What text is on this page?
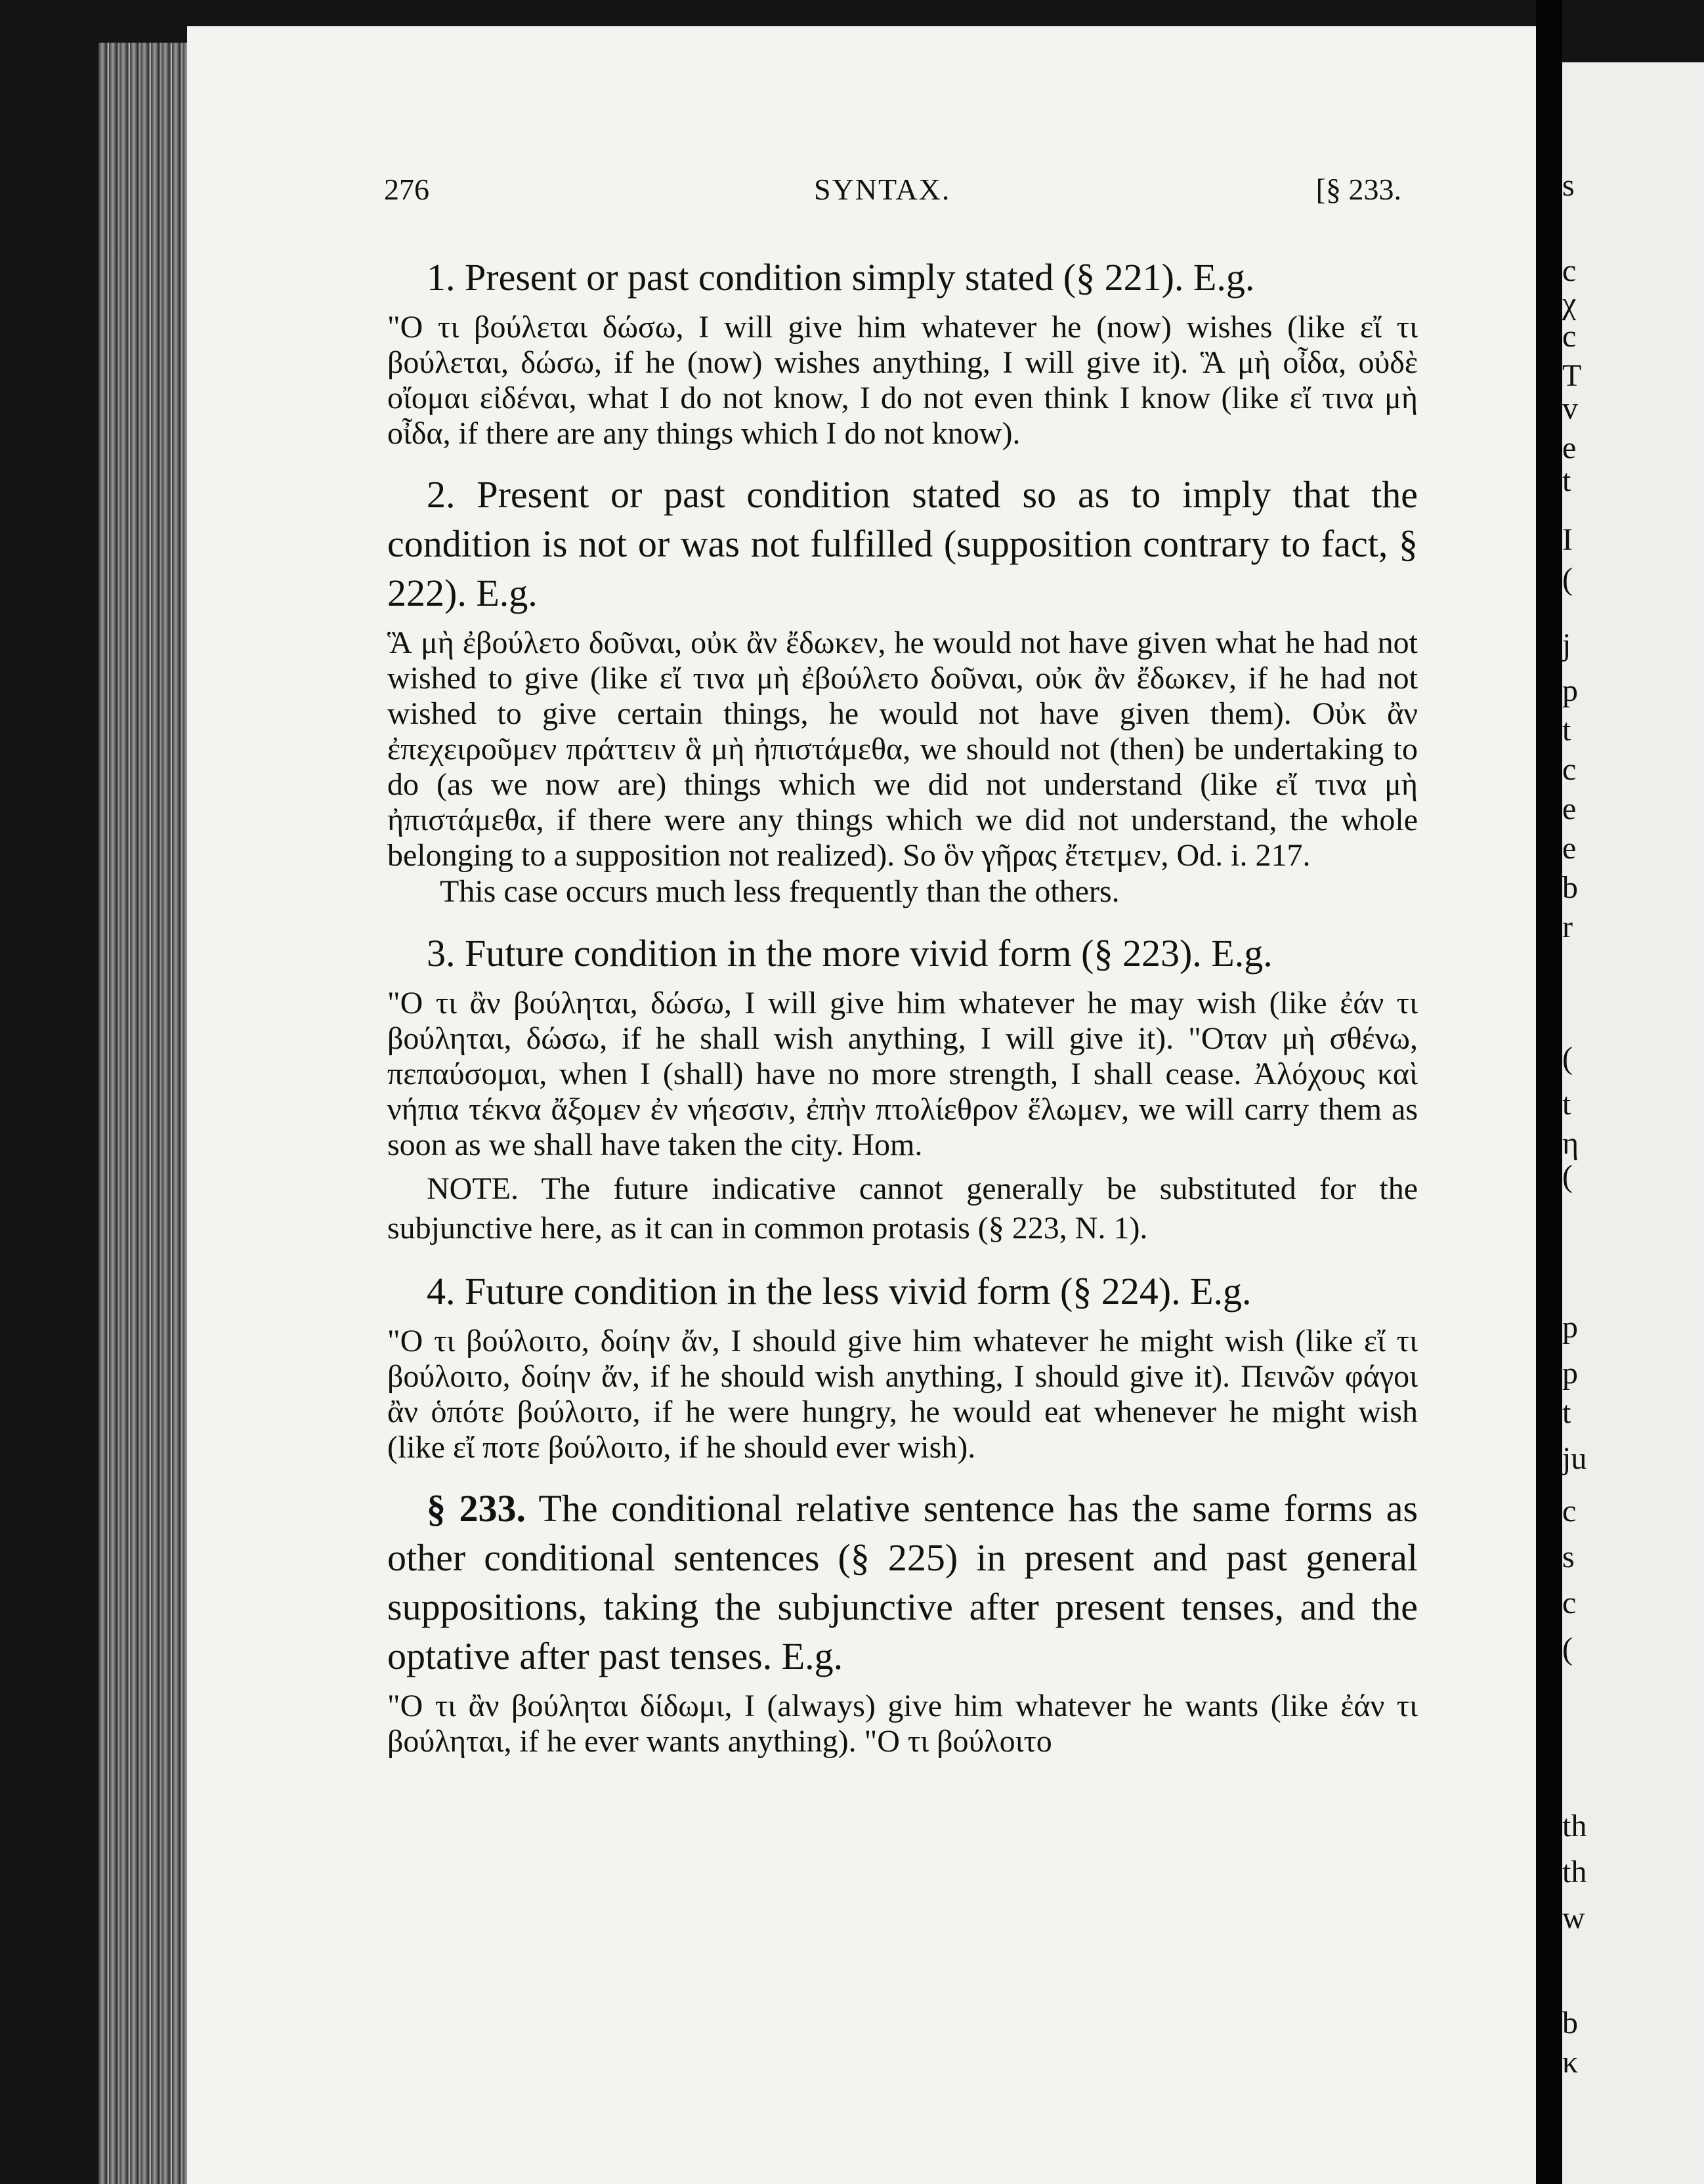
s
c
χ
c
T
v
e
t
I
(
j
p
t
c
e
e
b
r
(
t
η
(
p
p
t
ju
c
s
c
(
th
th
w
b
κ
276	SYNTAX.	[§ 233.

1. Present or past condition simply stated (§ 221). E.g.

"Ο τι βούλεται δώσω, I will give him whatever he (now) wishes (like εἴ τι βούλεται, δώσω, if he (now) wishes anything, I will give it). Ἃ μὴ οἶδα, οὐδὲ οἴομαι εἰδέναι, what I do not know, I do not even think I know (like εἴ τινα μὴ οἶδα, if there are any things which I do not know).

2. Present or past condition stated so as to imply that the condition is not or was not fulfilled (supposition contrary to fact, § 222). E.g.

Ἃ μὴ ἐβούλετο δοῦναι, οὐκ ἂν ἔδωκεν, he would not have given what he had not wished to give (like εἴ τινα μὴ ἐβούλετο δοῦναι, οὐκ ἂν ἔδωκεν, if he had not wished to give certain things, he would not have given them). Οὐκ ἂν ἐπεχειροῦμεν πράττειν ἃ μὴ ἠπιστάμεθα, we should not (then) be undertaking to do (as we now are) things which we did not understand (like εἴ τινα μὴ ἠπιστάμεθα, if there were any things which we did not understand, the whole belonging to a supposition not realized). So ὃν γῆρας ἔτετμεν, Od. i. 217.

This case occurs much less frequently than the others.

3. Future condition in the more vivid form (§ 223). E.g.

"Ο τι ἂν βούληται, δώσω, I will give him whatever he may wish (like ἐάν τι βούληται, δώσω, if he shall wish anything, I will give it). "Οταν μὴ σθένω, πεπαύσομαι, when I (shall) have no more strength, I shall cease. Ἀλόχους καὶ νήπια τέκνα ἄξομεν ἐν νήεσσιν, ἐπὴν πτολίεθρον ἕλωμεν, we will carry them as soon as we shall have taken the city. Hom.

NOTE. The future indicative cannot generally be substituted for the subjunctive here, as it can in common protasis (§ 223, N. 1).

4. Future condition in the less vivid form (§ 224). E.g.

"Ο τι βούλοιτο, δοίην ἄν, I should give him whatever he might wish (like εἴ τι βούλοιτο, δοίην ἄν, if he should wish anything, I should give it). Πεινῶν φάγοι ἂν ὁπότε βούλοιτο, if he were hungry, he would eat whenever he might wish (like εἴ ποτε βούλοιτο, if he should ever wish).

§ 233. The conditional relative sentence has the same forms as other conditional sentences (§ 225) in present and past general suppositions, taking the subjunctive after present tenses, and the optative after past tenses. E.g.

"Ο τι ἂν βούληται δίδωμι, I (always) give him whatever he wants (like ἐάν τι βούληται, if he ever wants anything). "Ο τι βούλοιτο
